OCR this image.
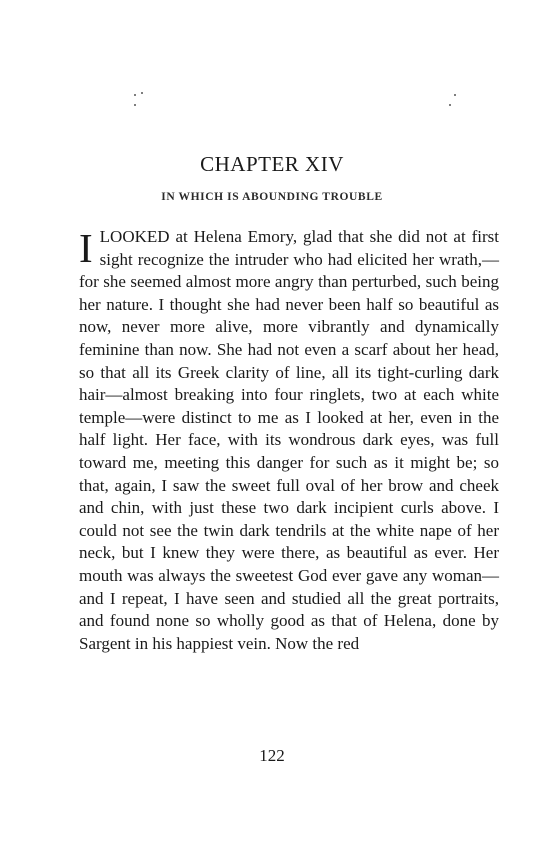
CHAPTER XIV
IN WHICH IS ABOUNDING TROUBLE

I LOOKED at Helena Emory, glad that she did not at first sight recognize the intruder who had elicited her wrath,—for she seemed almost more angry than perturbed, such being her nature. I thought she had never been half so beautiful as now, never more alive, more vibrantly and dynamically feminine than now. She had not even a scarf about her head, so that all its Greek clarity of line, all its tight-curling dark hair—almost breaking into four ringlets, two at each white temple—were distinct to me as I looked at her, even in the half light. Her face, with its wondrous dark eyes, was full toward me, meeting this danger for such as it might be; so that, again, I saw the sweet full oval of her brow and cheek and chin, with just these two dark incipient curls above. I could not see the twin dark tendrils at the white nape of her neck, but I knew they were there, as beautiful as ever. Her mouth was always the sweetest God ever gave any woman—and I repeat, I have seen and studied all the great portraits, and found none so wholly good as that of Helena, done by Sargent in his happiest vein. Now the red

122
